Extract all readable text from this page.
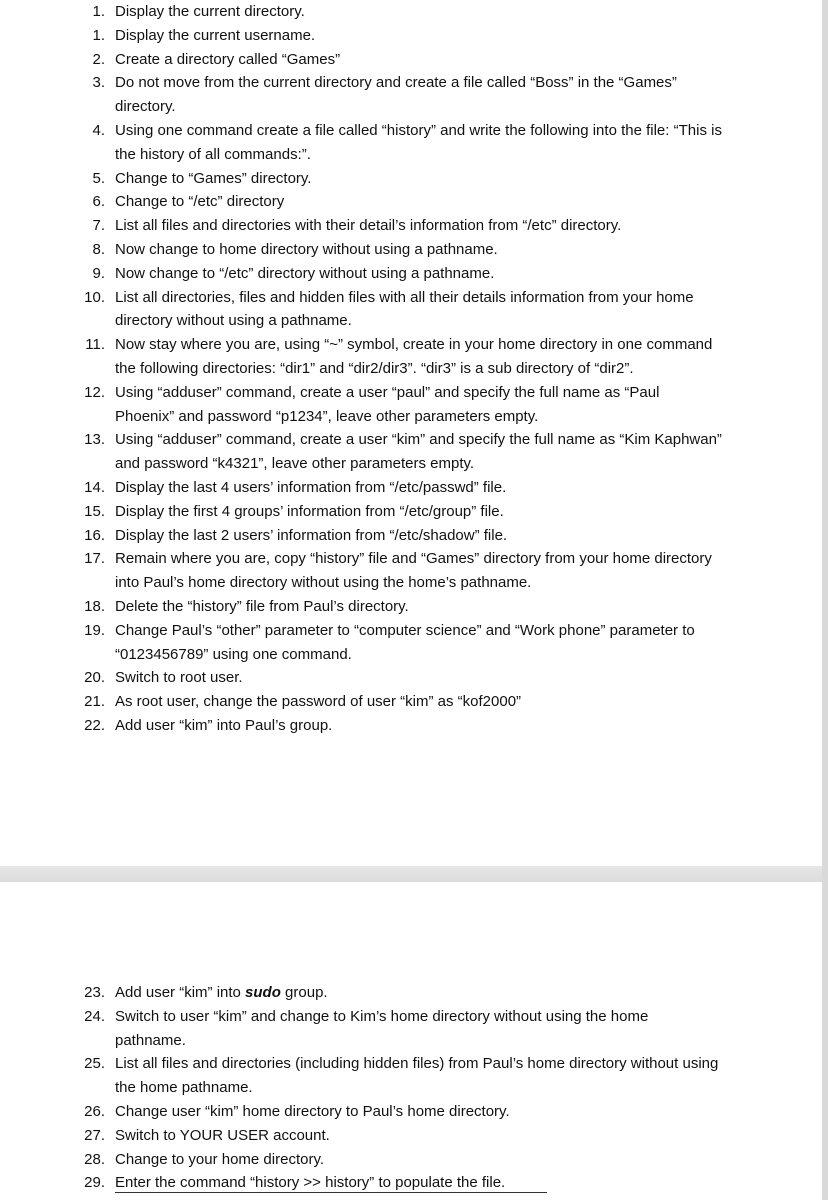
1. Display the current directory.
1. Display the current username.
2. Create a directory called “Games”
3. Do not move from the current directory and create a file called “Boss” in the “Games” directory.
4. Using one command create a file called “history” and write the following into the file: “This is the history of all commands:”.
5. Change to “Games” directory.
6. Change to “/etc” directory
7. List all files and directories with their detail’s information from “/etc” directory.
8. Now change to home directory without using a pathname.
9. Now change to “/etc” directory without using a pathname.
10. List all directories, files and hidden files with all their details information from your home directory without using a pathname.
11. Now stay where you are, using “~” symbol, create in your home directory in one command the following directories: “dir1” and “dir2/dir3”. “dir3” is a sub directory of “dir2”.
12. Using “adduser” command, create a user “paul” and specify the full name as “Paul Phoenix” and password “p1234”, leave other parameters empty.
13. Using “adduser” command, create a user “kim” and specify the full name as “Kim Kaphwan” and password “k4321”, leave other parameters empty.
14. Display the last 4 users’ information from “/etc/passwd” file.
15. Display the first 4 groups’ information from “/etc/group” file.
16. Display the last 2 users’ information from “/etc/shadow” file.
17. Remain where you are, copy “history” file and “Games” directory from your home directory into Paul’s home directory without using the home’s pathname.
18. Delete the “history” file from Paul’s directory.
19. Change Paul’s “other” parameter to “computer science” and “Work phone” parameter to “0123456789” using one command.
20. Switch to root user.
21. As root user, change the password of user “kim” as “kof2000”
22. Add user “kim” into Paul’s group.
23. Add user “kim” into sudo group.
24. Switch to user “kim” and change to Kim’s home directory without using the home pathname.
25. List all files and directories (including hidden files) from Paul’s home directory without using the home pathname.
26. Change user “kim” home directory to Paul’s home directory.
27. Switch to YOUR USER account.
28. Change to your home directory.
29. Enter the command “history >> history” to populate the file.
